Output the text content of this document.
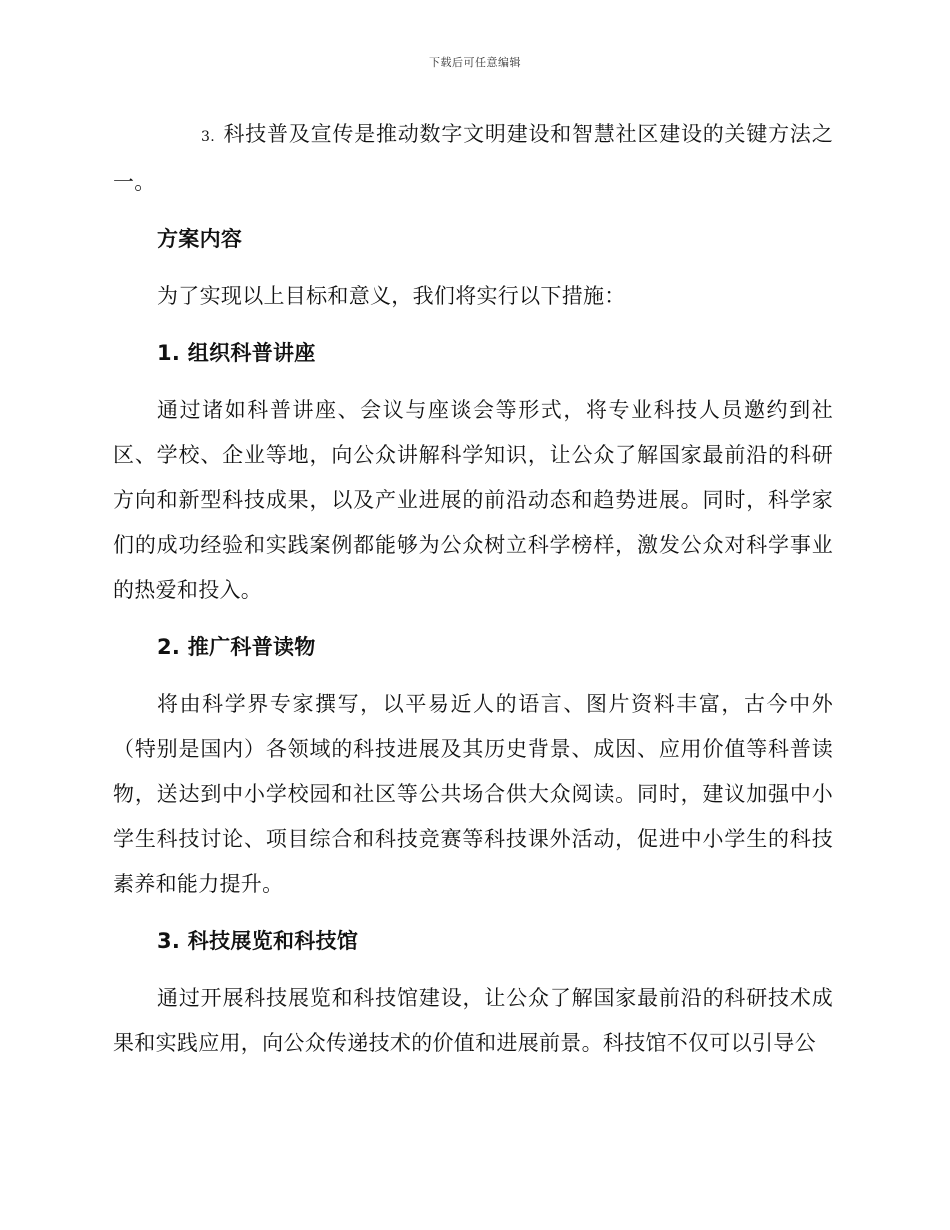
下载后可任意编辑

3. 科技普及宣传是推动数字文明建设和智慧社区建设的关键方法之一。

方案内容

为了实现以上目标和意义，我们将实行以下措施：

1. 组织科普讲座

通过诸如科普讲座、会议与座谈会等形式，将专业科技人员邀约到社区、学校、企业等地，向公众讲解科学知识，让公众了解国家最前沿的科研方向和新型科技成果，以及产业进展的前沿动态和趋势进展。同时，科学家们的成功经验和实践案例都能够为公众树立科学榜样，激发公众对科学事业的热爱和投入。

2. 推广科普读物

将由科学界专家撰写，以平易近人的语言、图片资料丰富，古今中外（特别是国内）各领域的科技进展及其历史背景、成因、应用价值等科普读物，送达到中小学校园和社区等公共场合供大众阅读。同时，建议加强中小学生科技讨论、项目综合和科技竞赛等科技课外活动，促进中小学生的科技素养和能力提升。

3. 科技展览和科技馆

通过开展科技展览和科技馆建设，让公众了解国家最前沿的科研技术成果和实践应用，向公众传递技术的价值和进展前景。科技馆不仅可以引导公
